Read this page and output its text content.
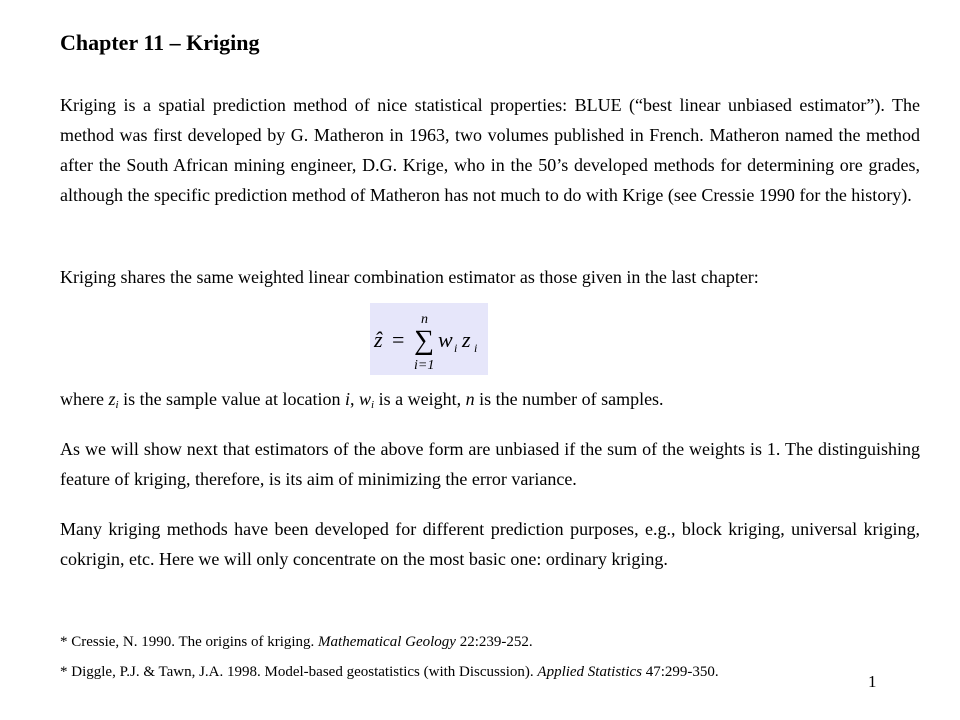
Chapter 11 – Kriging
Kriging is a spatial prediction method of nice statistical properties: BLUE (“best linear unbiased estimator”). The method was first developed by G. Matheron in 1963, two volumes published in French. Matheron named the method after the South African mining engineer, D.G. Krige, who in the 50’s developed methods for determining ore grades, although the specific prediction method of Matheron has not much to do with Krige (see Cressie 1990 for the history).
Kriging shares the same weighted linear combination estimator as those given in the last chapter:
ẑ =
n
∑
i=1
w i z i
where $z_i$ is the sample value at location i, $w_i$ is a weight, n is the number of samples.
As we will show next that estimators of the above form are unbiased if the sum of the weights is 1. The distinguishing feature of kriging, therefore, is its aim of minimizing the error variance.
Many kriging methods have been developed for different prediction purposes, e.g., block kriging, universal kriging, cokrigin, etc. Here we will only concentrate on the most basic one: ordinary kriging.
* Cressie, N. 1990. The origins of kriging. Mathematical Geology 22:239-252.
* Diggle, P.J. & Tawn, J.A. 1998. Model-based geostatistics (with Discussion). Applied Statistics 47:299-350.	1
